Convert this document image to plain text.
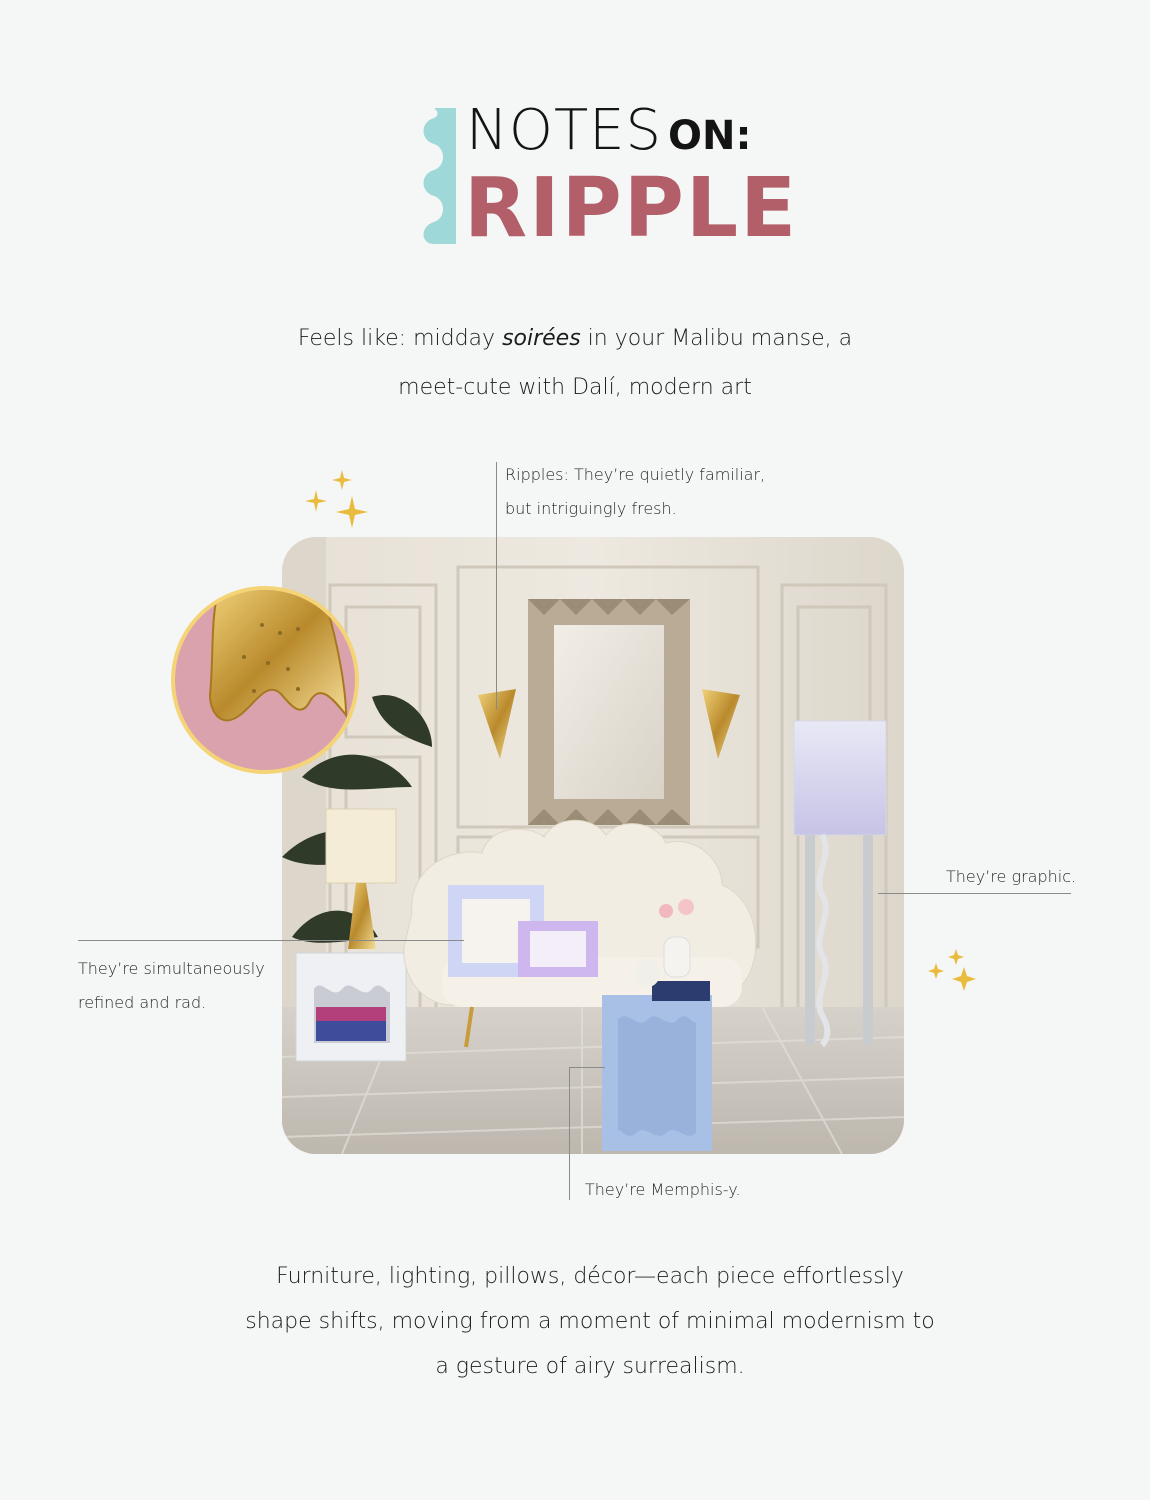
NOTES ON:
RIPPLE
Feels like: midday soirées in your Malibu manse, a
meet-cute with Dalí, modern art
Ripples: They’re quietly familiar,
but intriguingly fresh.
They’re graphic.
They’re simultaneously
refined and rad.
They’re Memphis-y.
Furniture, lighting, pillows, décor—each piece effortlessly
shape shifts, moving from a moment of minimal modernism to
a gesture of airy surrealism.
